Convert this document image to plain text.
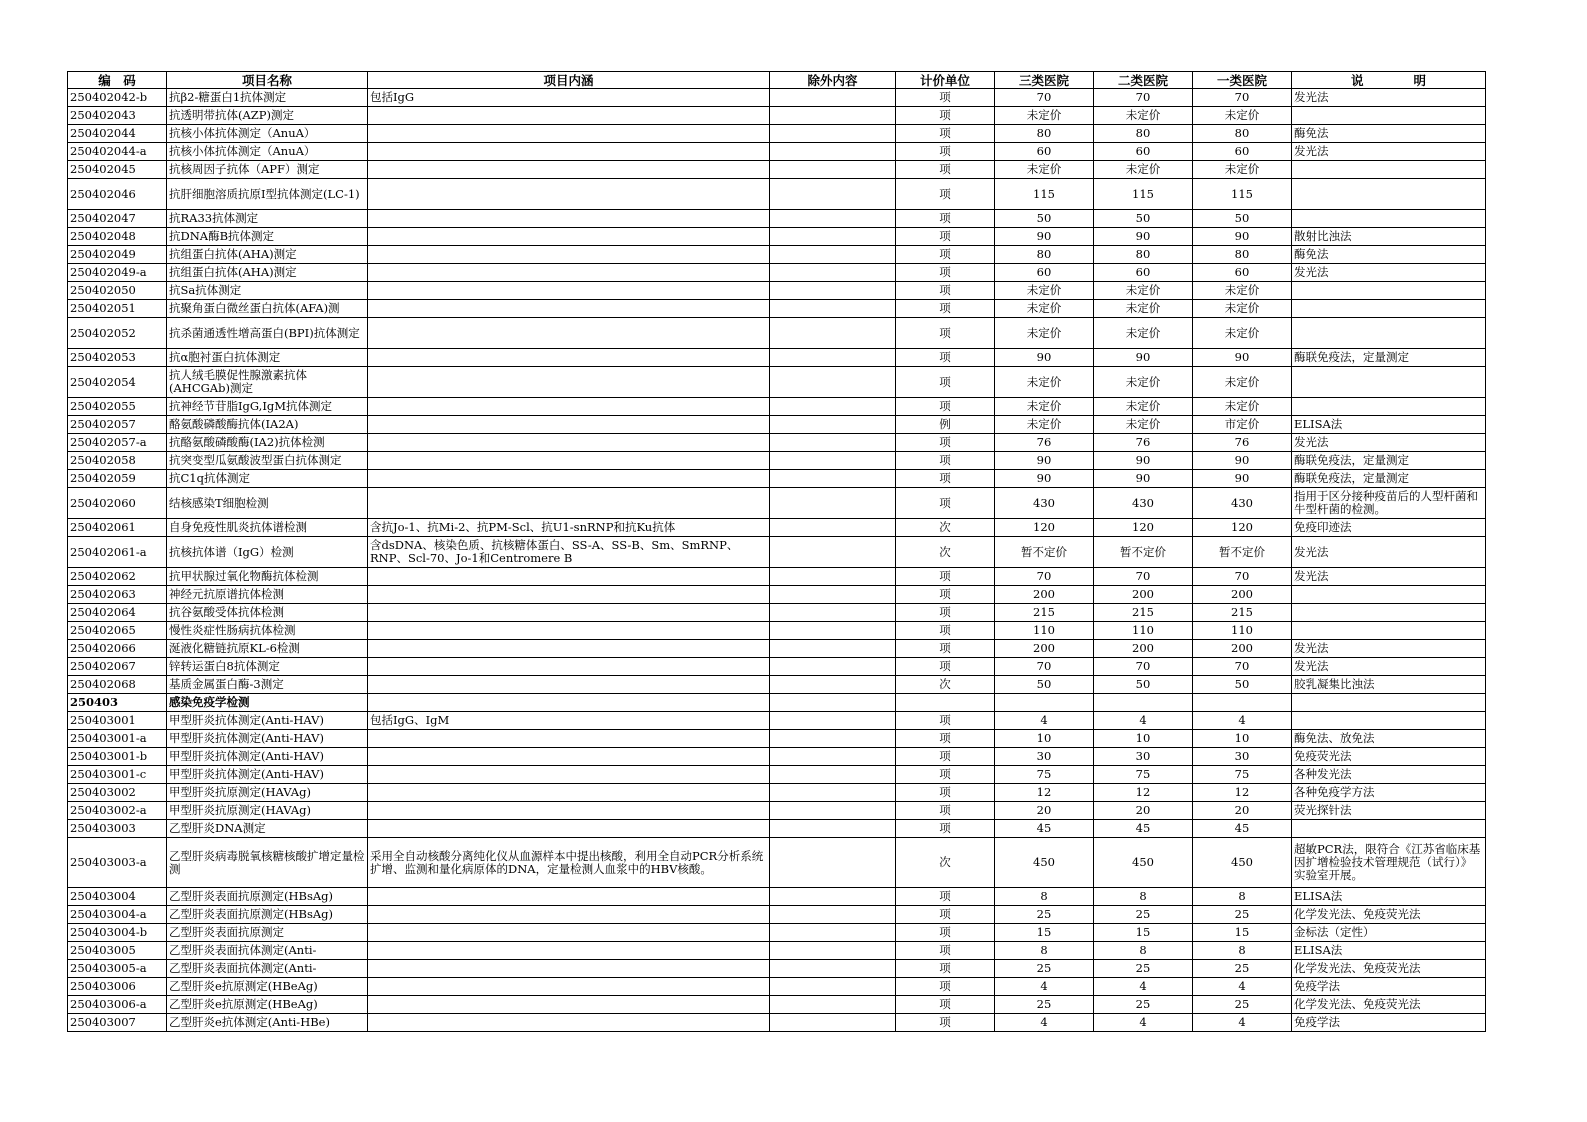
编　码	项目名称	项目内涵	除外内容	计价单位	三类医院	二类医院	一类医院	说　　　　明
250402042-b	抗β2-糖蛋白1抗体测定	包括IgG		项	70	70	70	发光法
250402043	抗透明带抗体(AZP)测定			项	未定价	未定价	未定价	
250402044	抗核小体抗体测定（AnuA）			项	80	80	80	酶免法
250402044-a	抗核小体抗体测定（AnuA）			项	60	60	60	发光法
250402045	抗核周因子抗体（APF）测定			项	未定价	未定价	未定价	
250402046	抗肝细胞溶质抗原I型抗体测定(LC-1)			项	115	115	115	
250402047	抗RA33抗体测定			项	50	50	50	
250402048	抗DNA酶B抗体测定			项	90	90	90	散射比浊法
250402049	抗组蛋白抗体(AHA)测定			项	80	80	80	酶免法
250402049-a	抗组蛋白抗体(AHA)测定			项	60	60	60	发光法
250402050	抗Sa抗体测定			项	未定价	未定价	未定价	
250402051	抗聚角蛋白微丝蛋白抗体(AFA)测			项	未定价	未定价	未定价	
250402052	抗杀菌通透性增高蛋白(BPI)抗体测定			项	未定价	未定价	未定价	
250402053	抗α胞衬蛋白抗体测定			项	90	90	90	酶联免疫法，定量测定
250402054	抗人绒毛膜促性腺激素抗体(AHCGAb)测定			项	未定价	未定价	未定价	
250402055	抗神经节苷脂IgG,IgM抗体测定			项	未定价	未定价	未定价	
250402057	酪氨酸磷酸酶抗体(IA2A)			例	未定价	未定价	市定价	ELISA法
250402057-a	抗酪氨酸磷酸酶(IA2)抗体检测			项	76	76	76	发光法
250402058	抗突变型瓜氨酸波型蛋白抗体测定			项	90	90	90	酶联免疫法，定量测定
250402059	抗C1q抗体测定			项	90	90	90	酶联免疫法，定量测定
250402060	结核感染T细胞检测			项	430	430	430	指用于区分接种疫苗后的人型杆菌和牛型杆菌的检测。
250402061	自身免疫性肌炎抗体谱检测	含抗Jo-1、抗Mi-2、抗PM-Scl、抗U1-snRNP和抗Ku抗体		次	120	120	120	免疫印迹法
250402061-a	抗核抗体谱（IgG）检测	含dsDNA、核染色质、抗核糖体蛋白、SS-A、SS-B、Sm、SmRNP、RNP、Scl-70、Jo-1和Centromere B		次	暂不定价	暂不定价	暂不定价	发光法
250402062	抗甲状腺过氧化物酶抗体检测			项	70	70	70	发光法
250402063	神经元抗原谱抗体检测			项	200	200	200	
250402064	抗谷氨酸受体抗体检测			项	215	215	215	
250402065	慢性炎症性肠病抗体检测			项	110	110	110	
250402066	涎液化糖链抗原KL-6检测			项	200	200	200	发光法
250402067	锌转运蛋白8抗体测定			项	70	70	70	发光法
250402068	基质金属蛋白酶-3测定			次	50	50	50	胶乳凝集比浊法
250403	感染免疫学检测							
250403001	甲型肝炎抗体测定(Anti-HAV)	包括IgG、IgM		项	4	4	4	
250403001-a	甲型肝炎抗体测定(Anti-HAV)			项	10	10	10	酶免法、放免法
250403001-b	甲型肝炎抗体测定(Anti-HAV)			项	30	30	30	免疫荧光法
250403001-c	甲型肝炎抗体测定(Anti-HAV)			项	75	75	75	各种发光法
250403002	甲型肝炎抗原测定(HAVAg)			项	12	12	12	各种免疫学方法
250403002-a	甲型肝炎抗原测定(HAVAg)			项	20	20	20	荧光探针法
250403003	乙型肝炎DNA测定			项	45	45	45	
250403003-a	乙型肝炎病毒脱氧核糖核酸扩增定量检测	采用全自动核酸分离纯化仪从血源样本中提出核酸，利用全自动PCR分析系统扩增、监测和量化病原体的DNA，定量检测人血浆中的HBV核酸。		次	450	450	450	超敏PCR法，限符合《江苏省临床基因扩增检验技术管理规范（试行）》实验室开展。
250403004	乙型肝炎表面抗原测定(HBsAg)			项	8	8	8	ELISA法
250403004-a	乙型肝炎表面抗原测定(HBsAg)			项	25	25	25	化学发光法、免疫荧光法
250403004-b	乙型肝炎表面抗原测定			项	15	15	15	金标法（定性）
250403005	乙型肝炎表面抗体测定(Anti-			项	8	8	8	ELISA法
250403005-a	乙型肝炎表面抗体测定(Anti-			项	25	25	25	化学发光法、免疫荧光法
250403006	乙型肝炎e抗原测定(HBeAg)			项	4	4	4	免疫学法
250403006-a	乙型肝炎e抗原测定(HBeAg)			项	25	25	25	化学发光法、免疫荧光法
250403007	乙型肝炎e抗体测定(Anti-HBe)			项	4	4	4	免疫学法
